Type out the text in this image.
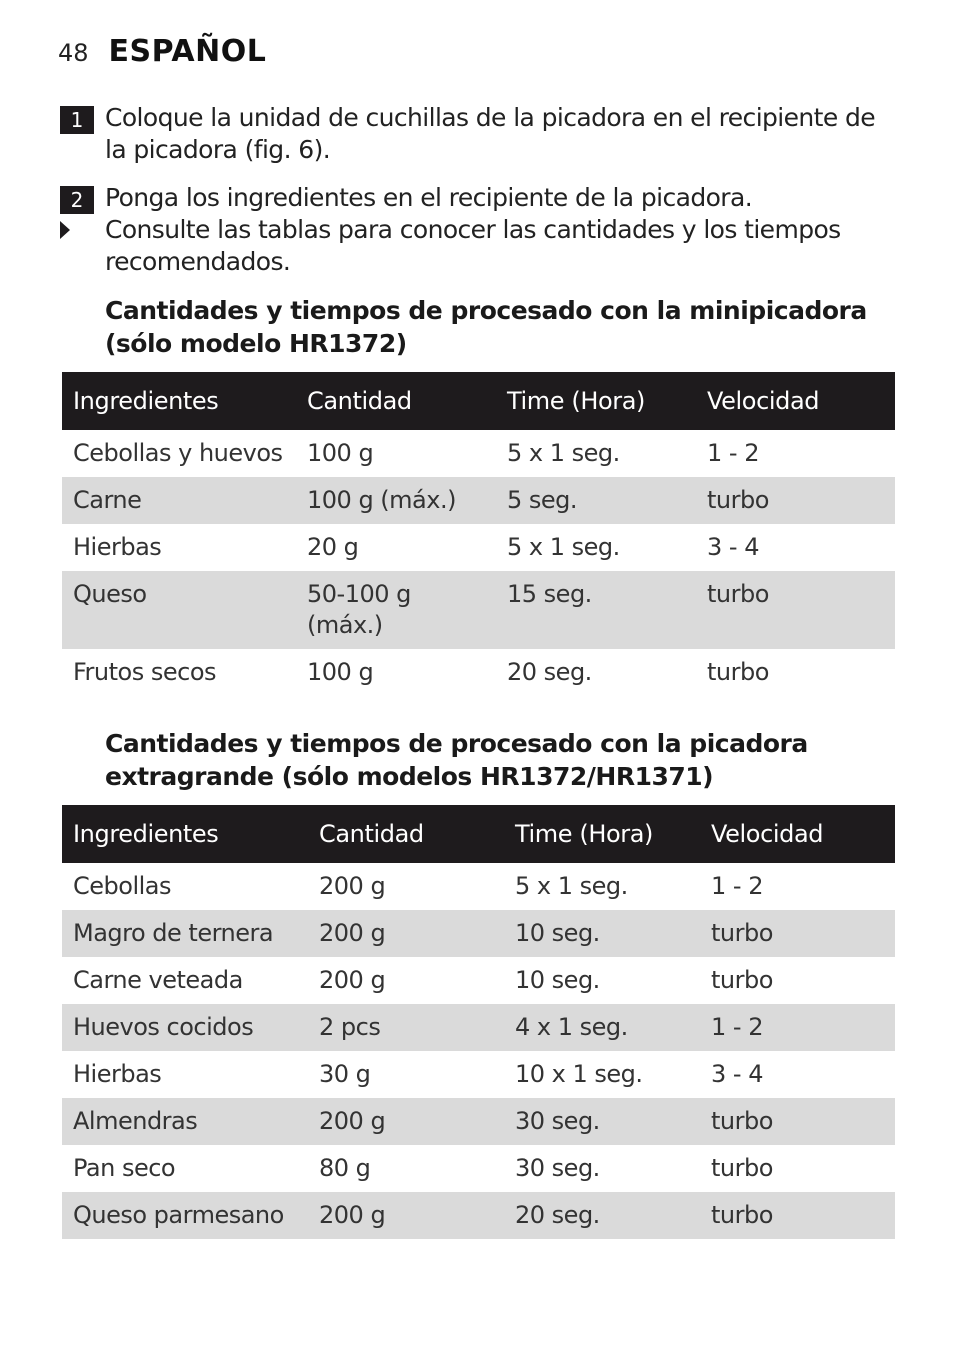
48 ESPAÑOL
1 Coloque la unidad de cuchillas de la picadora en el recipiente de la picadora (fig. 6).
2 Ponga los ingredientes en el recipiente de la picadora.
Consulte las tablas para conocer las cantidades y los tiempos recomendados.
Cantidades y tiempos de procesado con la minipicadora (sólo modelo HR1372)
Ingredientes	Cantidad	Time (Hora)	Velocidad
Cebollas y huevos	100 g	5 x 1 seg.	1 - 2
Carne	100 g (máx.)	5 seg.	turbo
Hierbas	20 g	5 x 1 seg.	3 - 4
Queso	50-100 g (máx.)	15 seg.	turbo
Frutos secos	100 g	20 seg.	turbo
Cantidades y tiempos de procesado con la picadora extragrande (sólo modelos HR1372/HR1371)
Ingredientes	Cantidad	Time (Hora)	Velocidad
Cebollas	200 g	5 x 1 seg.	1 - 2
Magro de ternera	200 g	10 seg.	turbo
Carne veteada	200 g	10 seg.	turbo
Huevos cocidos	2 pcs	4 x 1 seg.	1 - 2
Hierbas	30 g	10 x 1 seg.	3 - 4
Almendras	200 g	30 seg.	turbo
Pan seco	80 g	30 seg.	turbo
Queso parmesano	200 g	20 seg.	turbo
